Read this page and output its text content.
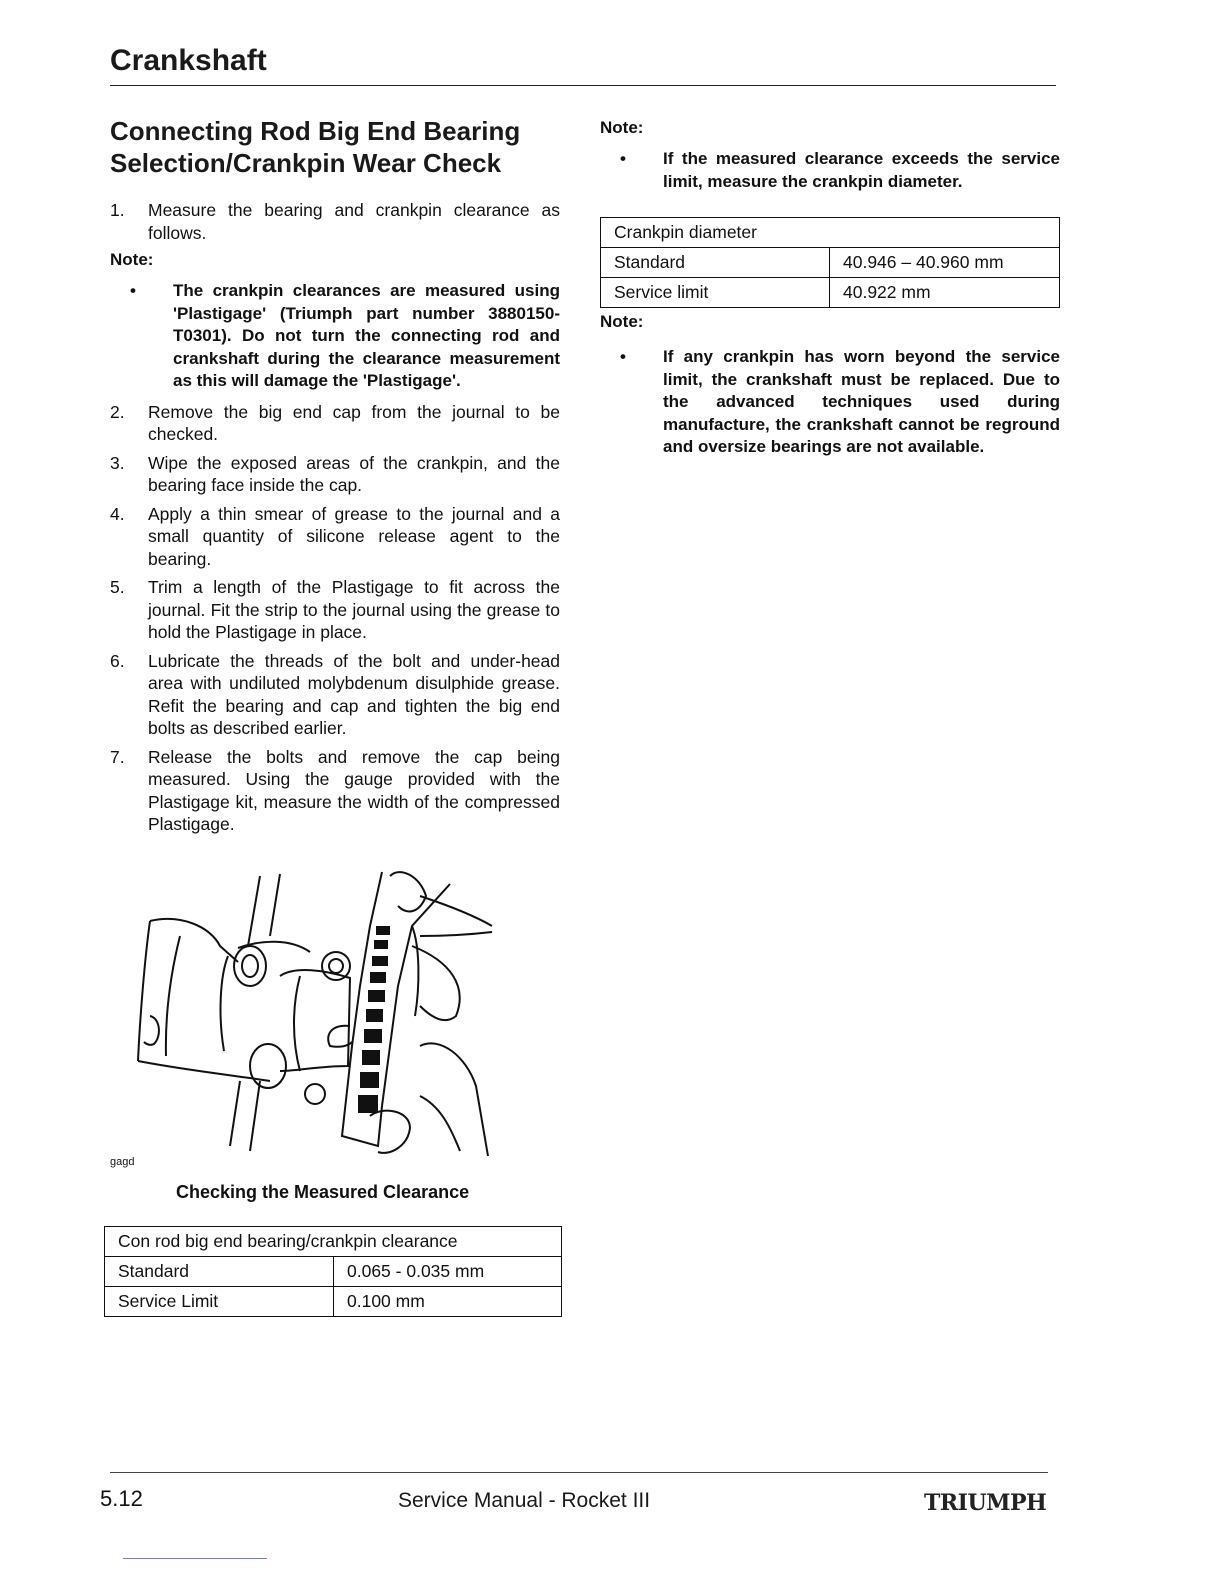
Crankshaft
Connecting Rod Big End Bearing Selection/Crankpin Wear Check
1. Measure the bearing and crankpin clearance as follows.
Note:
• The crankpin clearances are measured using 'Plastigage' (Triumph part number 3880150-T0301). Do not turn the connecting rod and crankshaft during the clearance measurement as this will damage the 'Plastigage'.
2. Remove the big end cap from the journal to be checked.
3. Wipe the exposed areas of the crankpin, and the bearing face inside the cap.
4. Apply a thin smear of grease to the journal and a small quantity of silicone release agent to the bearing.
5. Trim a length of the Plastigage to fit across the journal. Fit the strip to the journal using the grease to hold the Plastigage in place.
6. Lubricate the threads of the bolt and under-head area with undiluted molybdenum disulphide grease. Refit the bearing and cap and tighten the big end bolts as described earlier.
7. Release the bolts and remove the cap being measured. Using the gauge provided with the Plastigage kit, measure the width of the compressed Plastigage.
gagd
Checking the Measured Clearance
Con rod big end bearing/crankpin clearance	
Standard	0.065 - 0.035 mm
Service Limit	0.100 mm
Note:
• If the measured clearance exceeds the service limit, measure the crankpin diameter.
Crankpin diameter	
Standard	40.946 – 40.960 mm
Service limit	40.922 mm
Note:
• If any crankpin has worn beyond the service limit, the crankshaft must be replaced. Due to the advanced techniques used during manufacture, the crankshaft cannot be reground and oversize bearings are not available.
5.12	Service Manual - Rocket III	TRIUMPH
